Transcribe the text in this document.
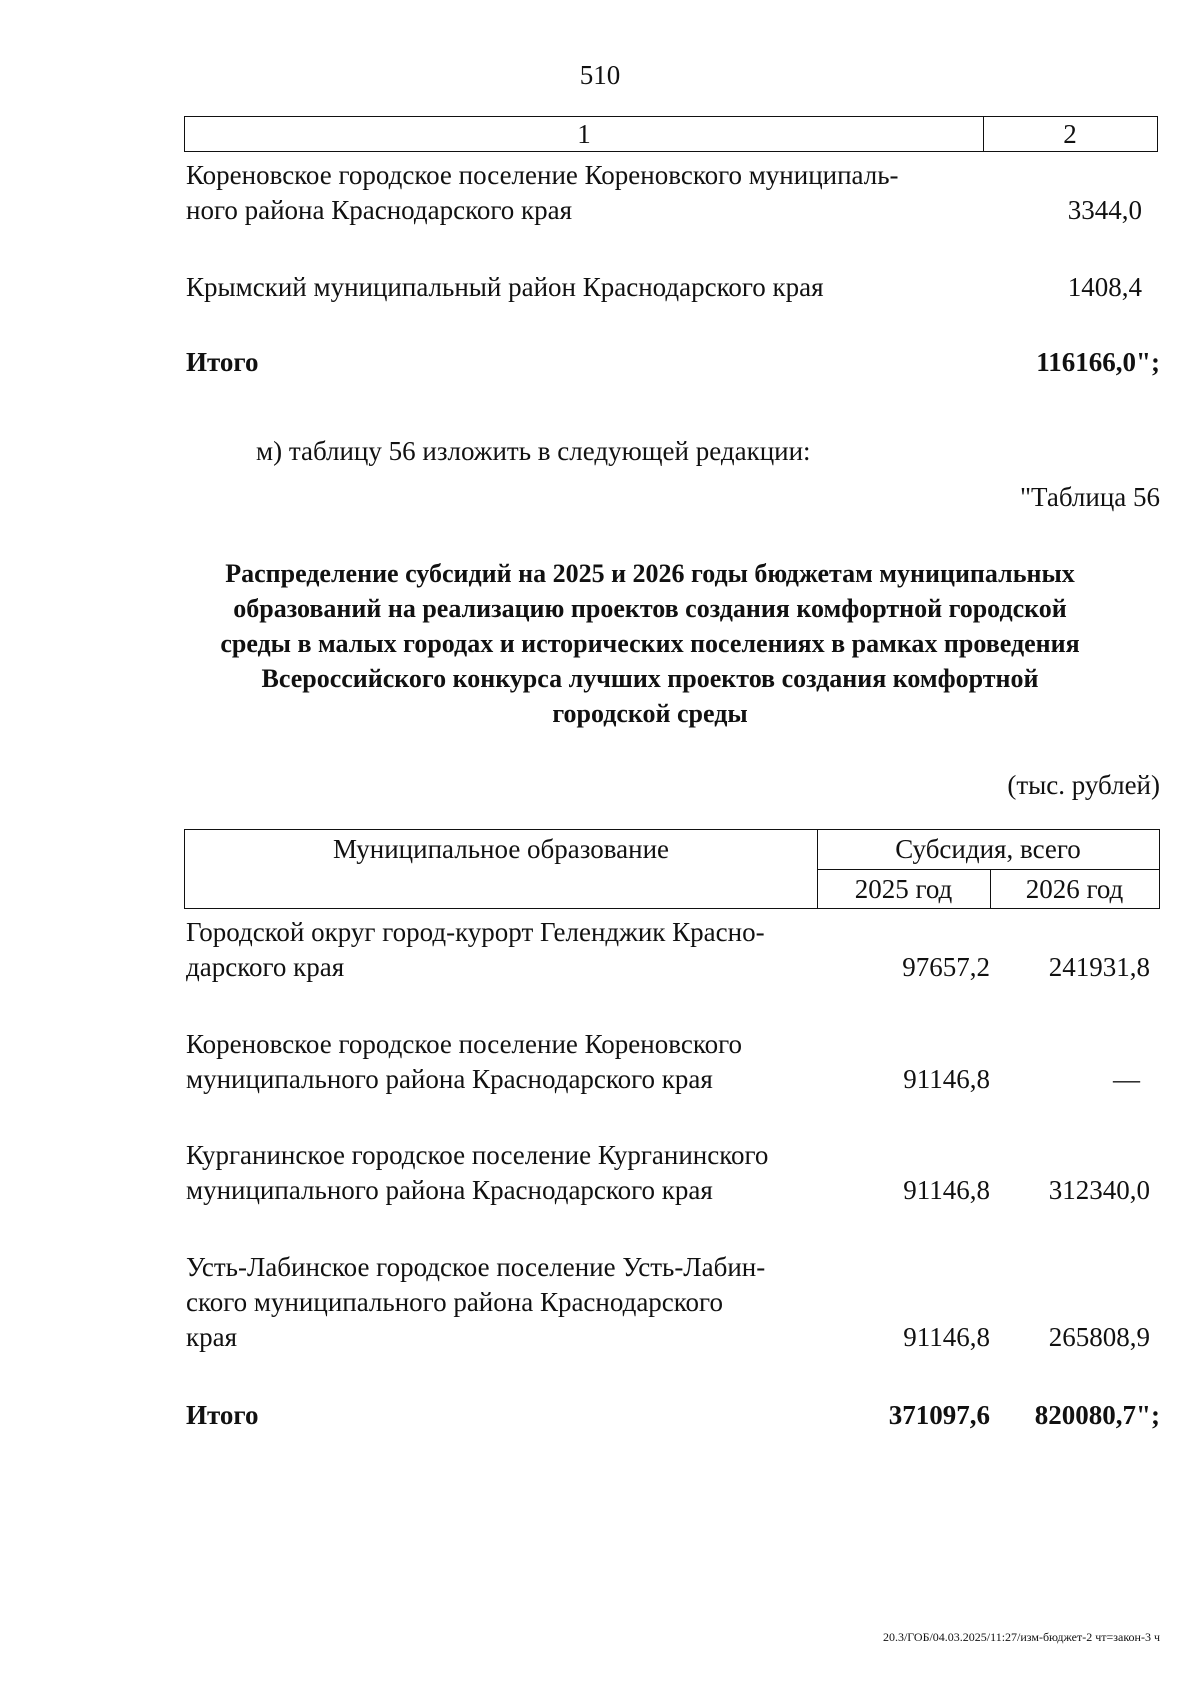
510
1	2
Кореновское городское поселение Кореновского муниципаль-
ного района Краснодарского края	3344,0
Крымский муниципальный район Краснодарского края	1408,4
Итого	116166,0";
м) таблицу 56 изложить в следующей редакции:
"Таблица 56
Распределение субсидий на 2025 и 2026 годы бюджетам муниципальных
образований на реализацию проектов создания комфортной городской
среды в малых городах и исторических поселениях в рамках проведения
Всероссийского конкурса лучших проектов создания комфортной
городской среды
(тыс. рублей)
Муниципальное образование	Субсидия, всего
2025 год	2026 год
Городской округ город-курорт Геленджик Красно-
дарского края	97657,2	241931,8
Кореновское городское поселение Кореновского
муниципального района Краснодарского края	91146,8	—
Курганинское городское поселение Курганинского
муниципального района Краснодарского края	91146,8	312340,0
Усть-Лабинское городское поселение Усть-Лабин-
ского муниципального района Краснодарского
края	91146,8	265808,9
Итого	371097,6	820080,7";
20.3/ГОБ/04.03.2025/11:27/изм-бюджет-2 чт=закон-3 ч
